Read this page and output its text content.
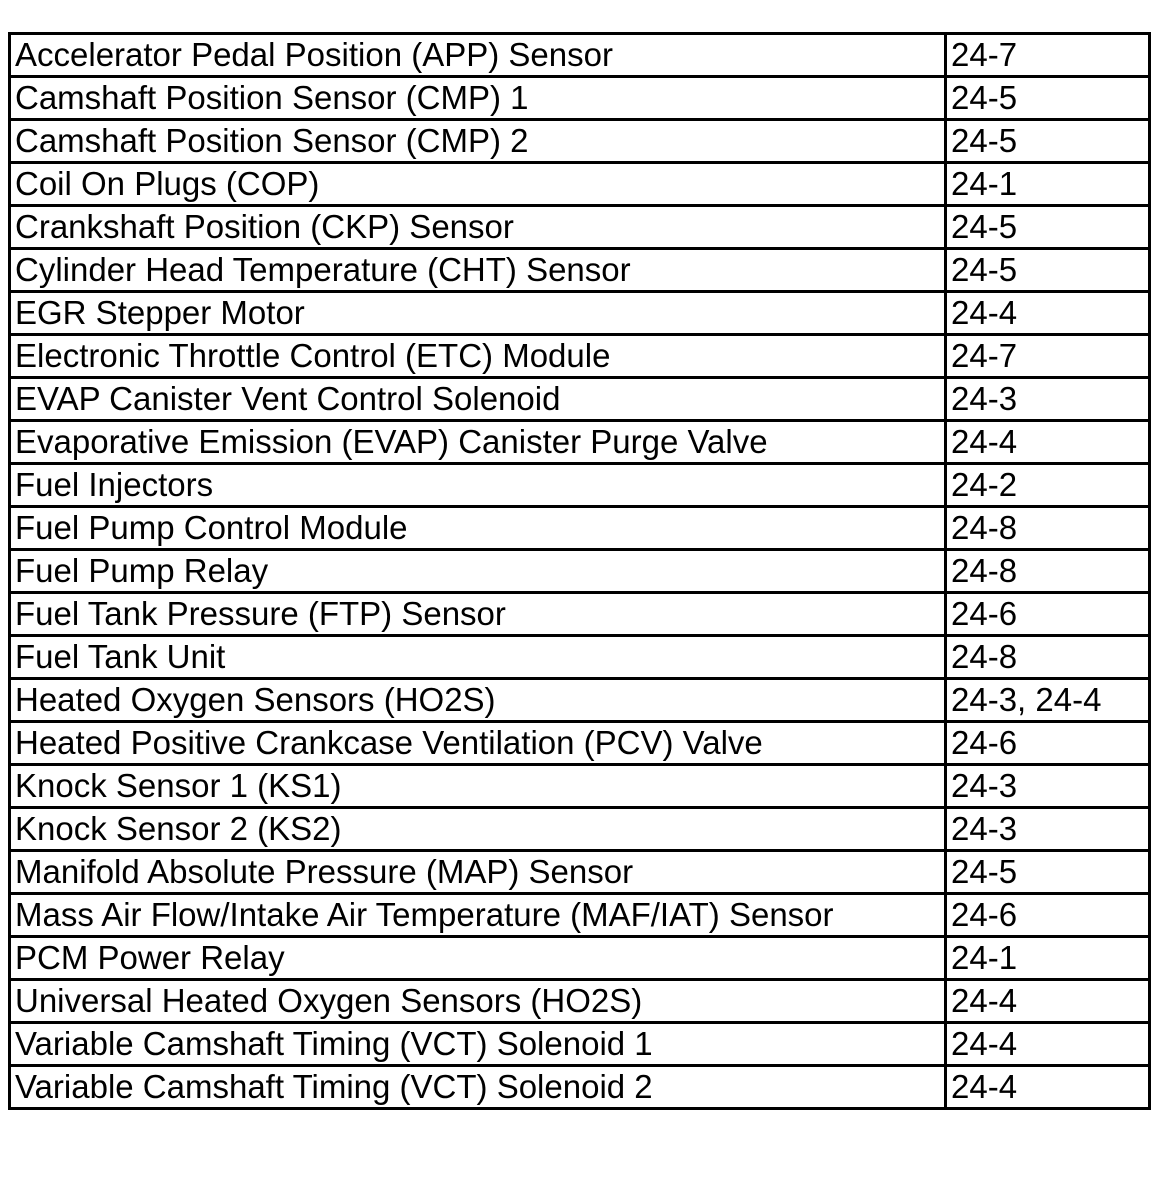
Accelerator Pedal Position (APP) Sensor	24-7
Camshaft Position Sensor (CMP) 1	24-5
Camshaft Position Sensor (CMP) 2	24-5
Coil On Plugs (COP)	24-1
Crankshaft Position (CKP) Sensor	24-5
Cylinder Head Temperature (CHT) Sensor	24-5
EGR Stepper Motor	24-4
Electronic Throttle Control (ETC) Module	24-7
EVAP Canister Vent Control Solenoid	24-3
Evaporative Emission (EVAP) Canister Purge Valve	24-4
Fuel Injectors	24-2
Fuel Pump Control Module	24-8
Fuel Pump Relay	24-8
Fuel Tank Pressure (FTP) Sensor	24-6
Fuel Tank Unit	24-8
Heated Oxygen Sensors (HO2S)	24-3, 24-4
Heated Positive Crankcase Ventilation (PCV) Valve	24-6
Knock Sensor 1 (KS1)	24-3
Knock Sensor 2 (KS2)	24-3
Manifold Absolute Pressure (MAP) Sensor	24-5
Mass Air Flow/Intake Air Temperature (MAF/IAT) Sensor	24-6
PCM Power Relay	24-1
Universal Heated Oxygen Sensors (HO2S)	24-4
Variable Camshaft Timing (VCT) Solenoid 1	24-4
Variable Camshaft Timing (VCT) Solenoid 2	24-4
